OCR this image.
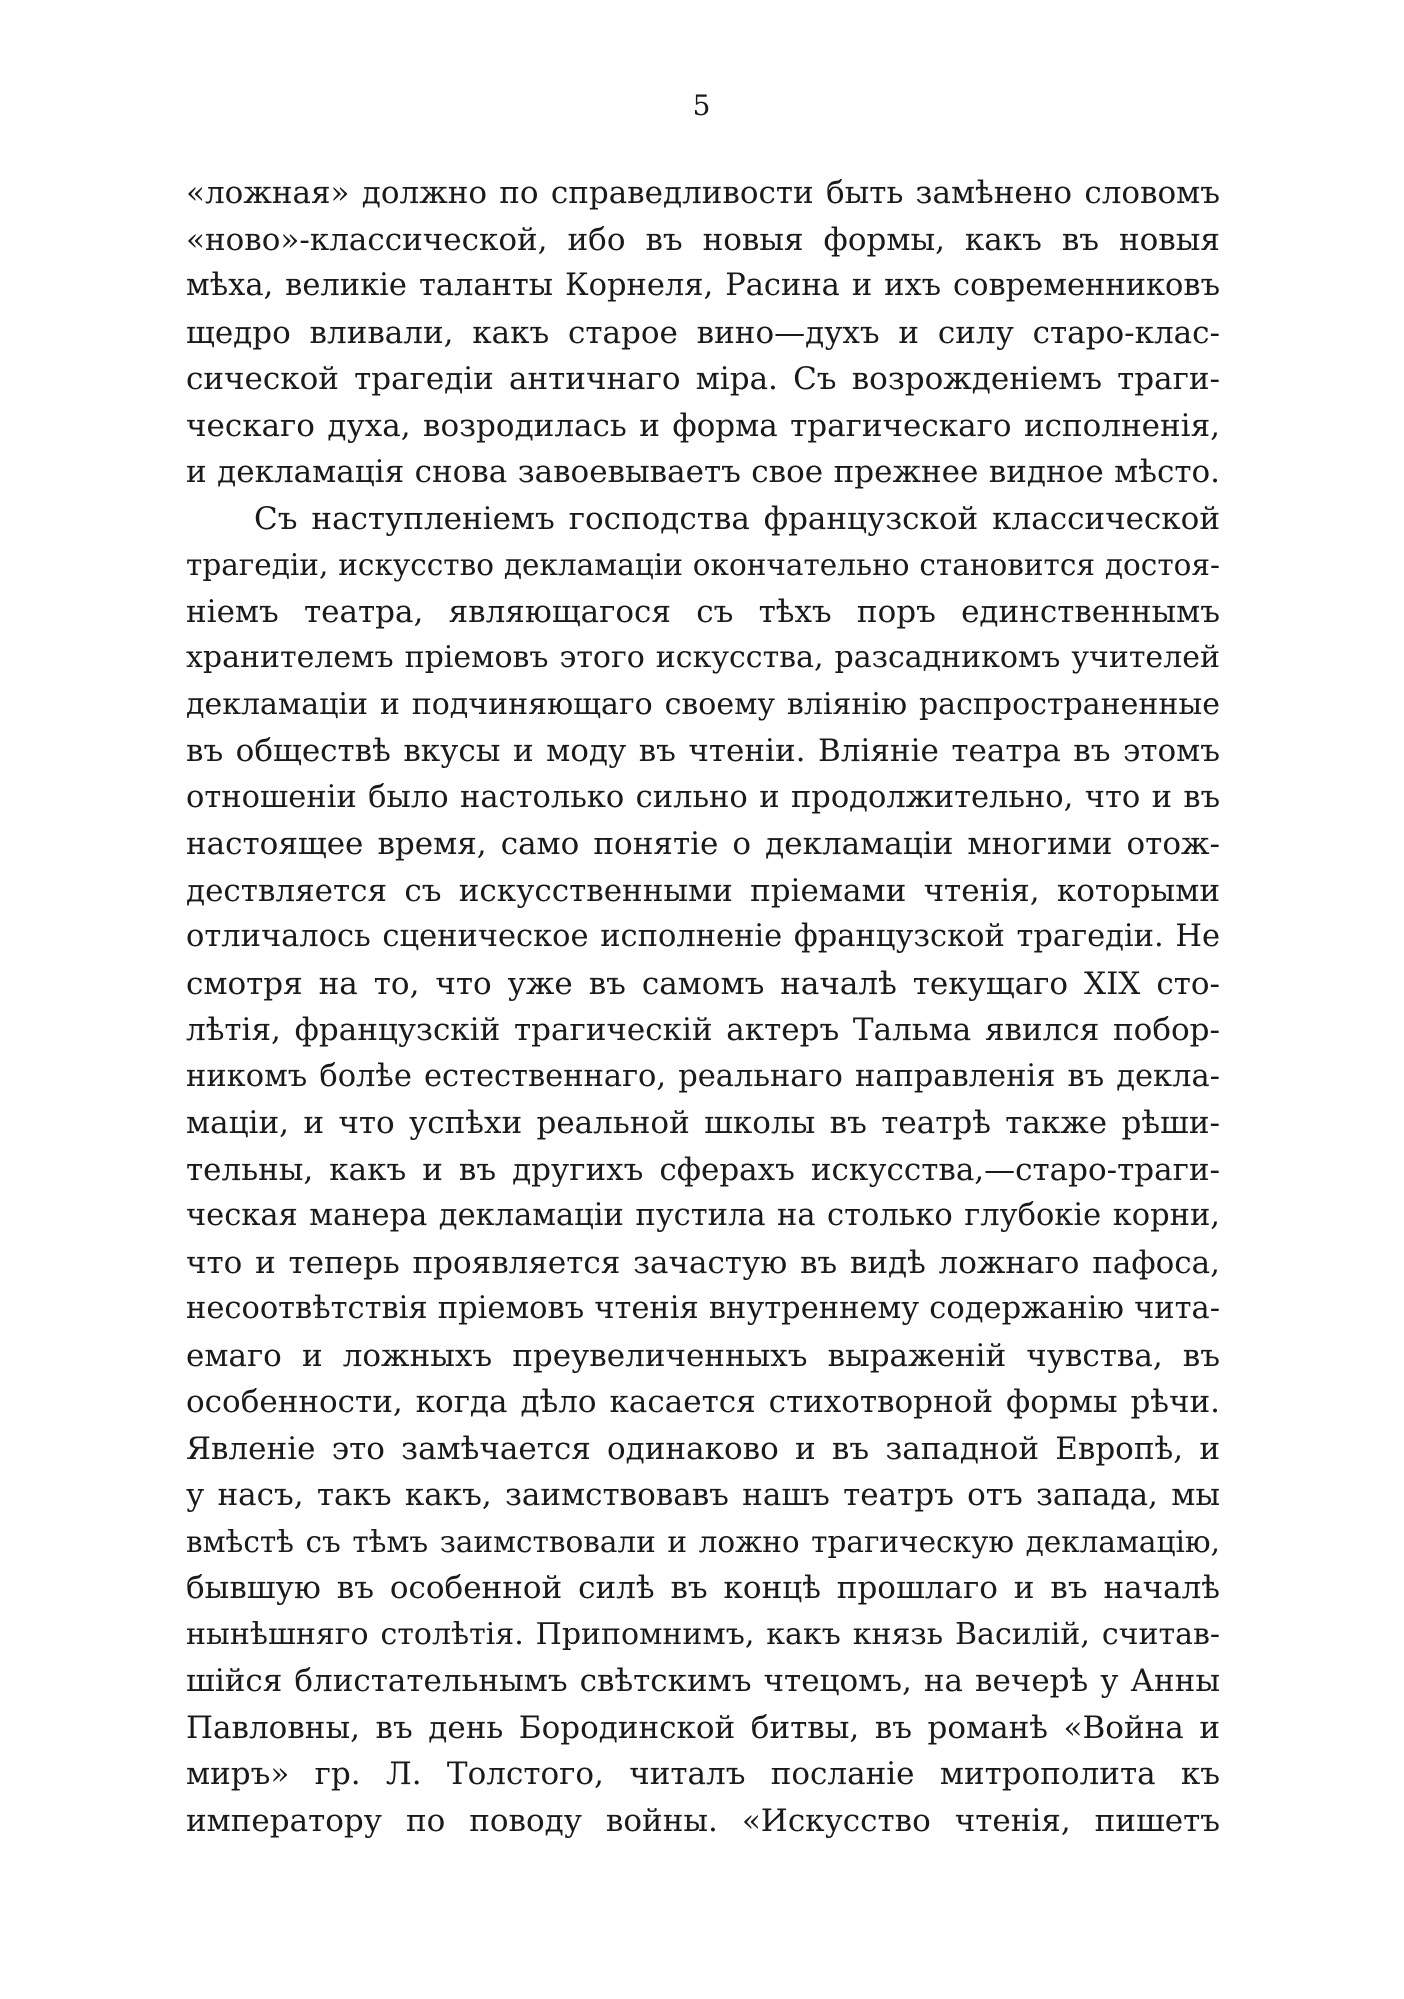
5
«ложная» должно по справедливости быть замѣнено словомъ
«ново»-классической, ибо въ новыя формы, какъ въ новыя
мѣха, великіе таланты Корнеля, Расина и ихъ современниковъ
щедро вливали, какъ старое вино—духъ и силу старо-клас-
сической трагедіи античнаго міра. Съ возрожденіемъ траги-
ческаго духа, возродилась и форма трагическаго исполненія,
и декламація снова завоевываетъ свое прежнее видное мѣсто.
Съ наступленіемъ господства французской классической
трагедіи, искусство декламаціи окончательно становится достоя-
ніемъ театра, являющагося съ тѣхъ поръ единственнымъ
хранителемъ пріемовъ этого искусства, разсадникомъ учителей
декламаціи и подчиняющаго своему вліянію распространенные
въ обществѣ вкусы и моду въ чтеніи. Вліяніе театра въ этомъ
отношеніи было настолько сильно и продолжительно, что и въ
настоящее время, само понятіе о декламаціи многими отож-
дествляется съ искусственными пріемами чтенія, которыми
отличалось сценическое исполненіе французской трагедіи. Не
смотря на то, что уже въ самомъ началѣ текущаго XIX сто-
лѣтія, французскій трагическій актеръ Тальма явился побор-
никомъ болѣе естественнаго, реальнаго направленія въ декла-
маціи, и что успѣхи реальной школы въ театрѣ также рѣши-
тельны, какъ и въ другихъ сферахъ искусства,—старо-траги-
ческая манера декламаціи пустила на столько глубокіе корни,
что и теперь проявляется зачастую въ видѣ ложнаго пафоса,
несоотвѣтствія пріемовъ чтенія внутреннему содержанію чита-
емаго и ложныхъ преувеличенныхъ выраженій чувства, въ
особенности, когда дѣло касается стихотворной формы рѣчи.
Явленіе это замѣчается одинаково и въ западной Европѣ, и
у насъ, такъ какъ, заимствовавъ нашъ театръ отъ запада, мы
вмѣстѣ съ тѣмъ заимствовали и ложно трагическую декламацію,
бывшую въ особенной силѣ въ концѣ прошлаго и въ началѣ
нынѣшняго столѣтія. Припомнимъ, какъ князь Василій, считав-
шійся блистательнымъ свѣтскимъ чтецомъ, на вечерѣ у Анны
Павловны, въ день Бородинской битвы, въ романѣ «Война и
миръ» гр. Л. Толстого, читалъ посланіе митрополита къ
императору по поводу войны. «Искусство чтенія, пишетъ
